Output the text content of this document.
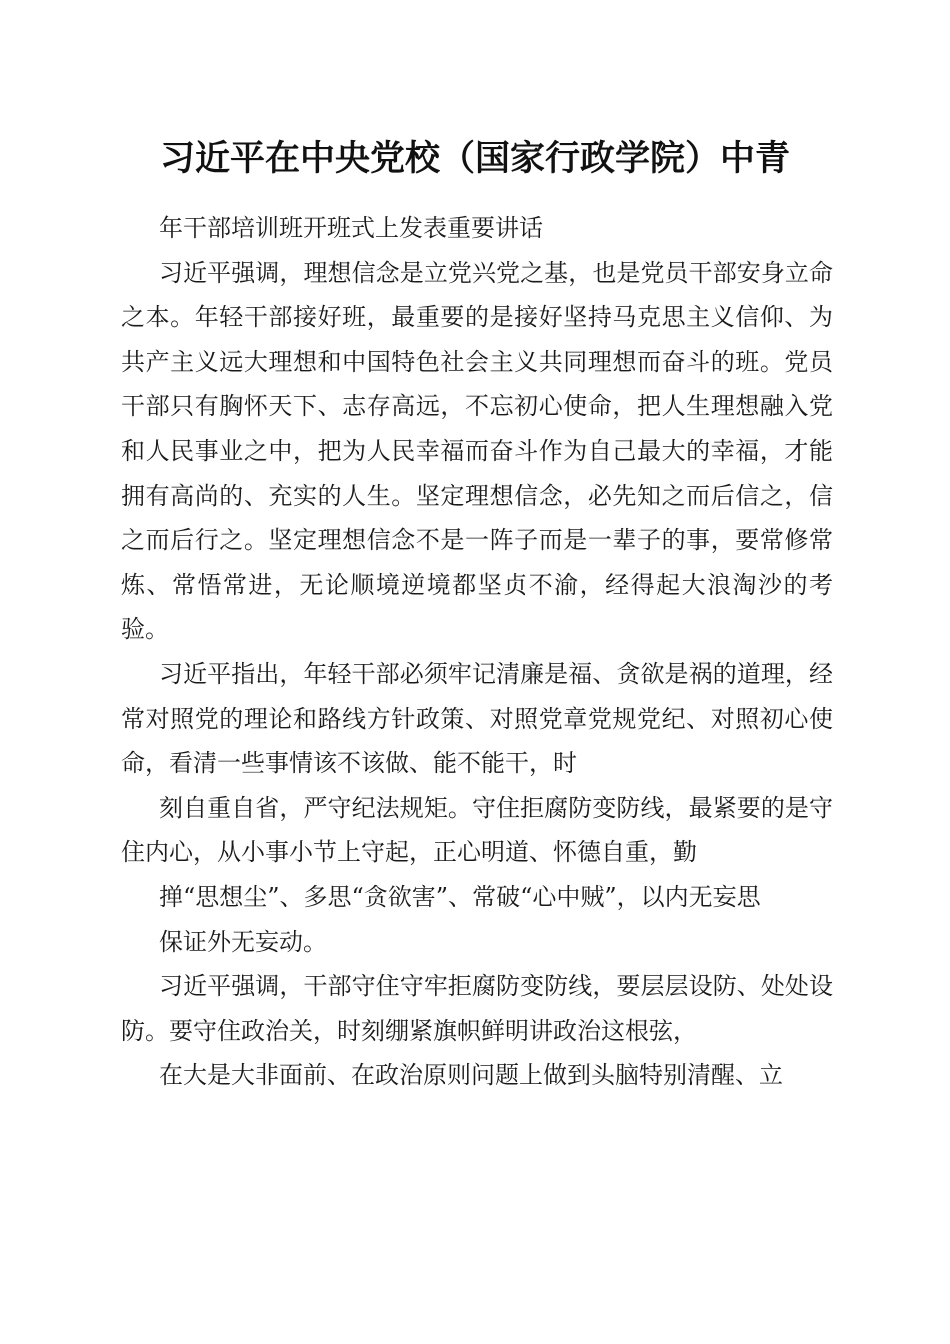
习近平在中央党校（国家行政学院）中青

年干部培训班开班式上发表重要讲话

习近平强调，理想信念是立党兴党之基，也是党员干部安身立命之本。年轻干部接好班，最重要的是接好坚持马克思主义信仰、为共产主义远大理想和中国特色社会主义共同理想而奋斗的班。党员干部只有胸怀天下、志存高远，不忘初心使命，把人生理想融入党和人民事业之中，把为人民幸福而奋斗作为自己最大的幸福，才能拥有高尚的、充实的人生。坚定理想信念，必先知之而后信之，信之而后行之。坚定理想信念不是一阵子而是一辈子的事，要常修常炼、常悟常进，无论顺境逆境都坚贞不渝，经得起大浪淘沙的考验。

习近平指出，年轻干部必须牢记清廉是福、贪欲是祸的道理，经常对照党的理论和路线方针政策、对照党章党规党纪、对照初心使命，看清一些事情该不该做、能不能干，时

刻自重自省，严守纪法规矩。守住拒腐防变防线，最紧要的是守住内心，从小事小节上守起，正心明道、怀德自重，勤

掸“思想尘”、多思“贪欲害”、常破“心中贼”，以内无妄思

保证外无妄动。

习近平强调，干部守住守牢拒腐防变防线，要层层设防、处处设防。要守住政治关，时刻绷紧旗帜鲜明讲政治这根弦，

在大是大非面前、在政治原则问题上做到头脑特别清醒、立
